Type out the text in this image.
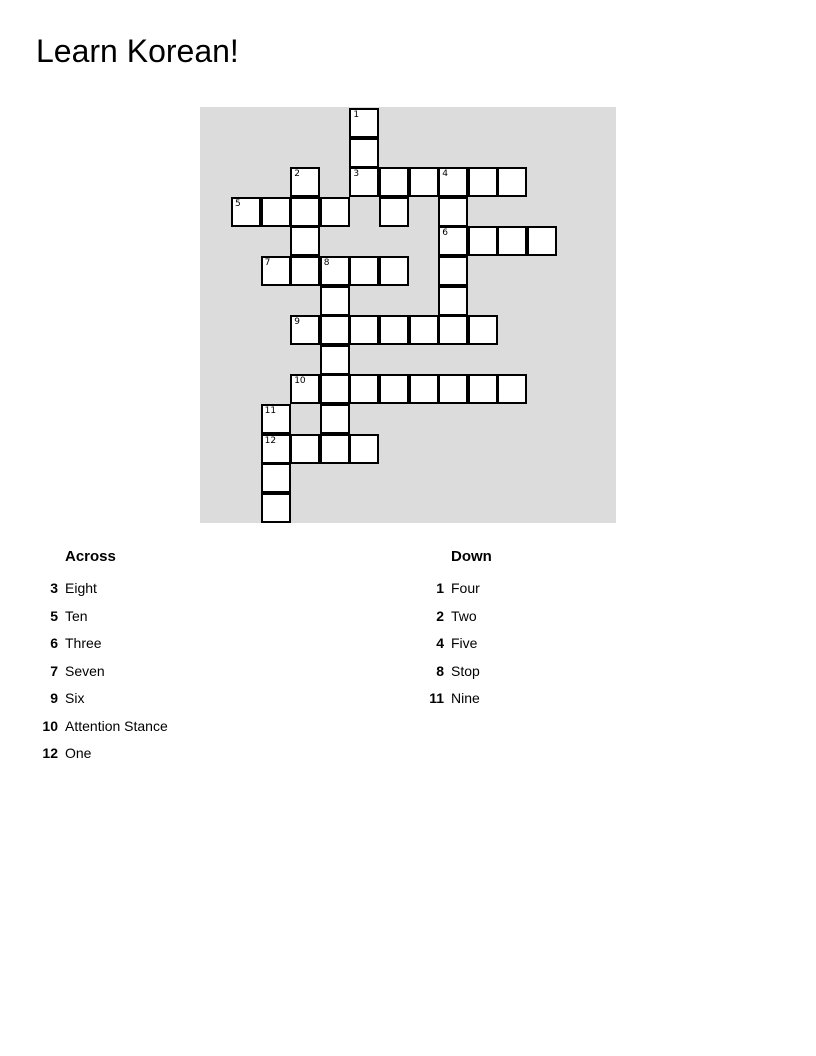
Learn Korean!
1
2	3	4
5
6
7	8
9
10
11
12
Across
3 Eight
5 Ten
6 Three
7 Seven
9 Six
10 Attention Stance
12 One
Down
1 Four
2 Two
4 Five
8 Stop
11 Nine
